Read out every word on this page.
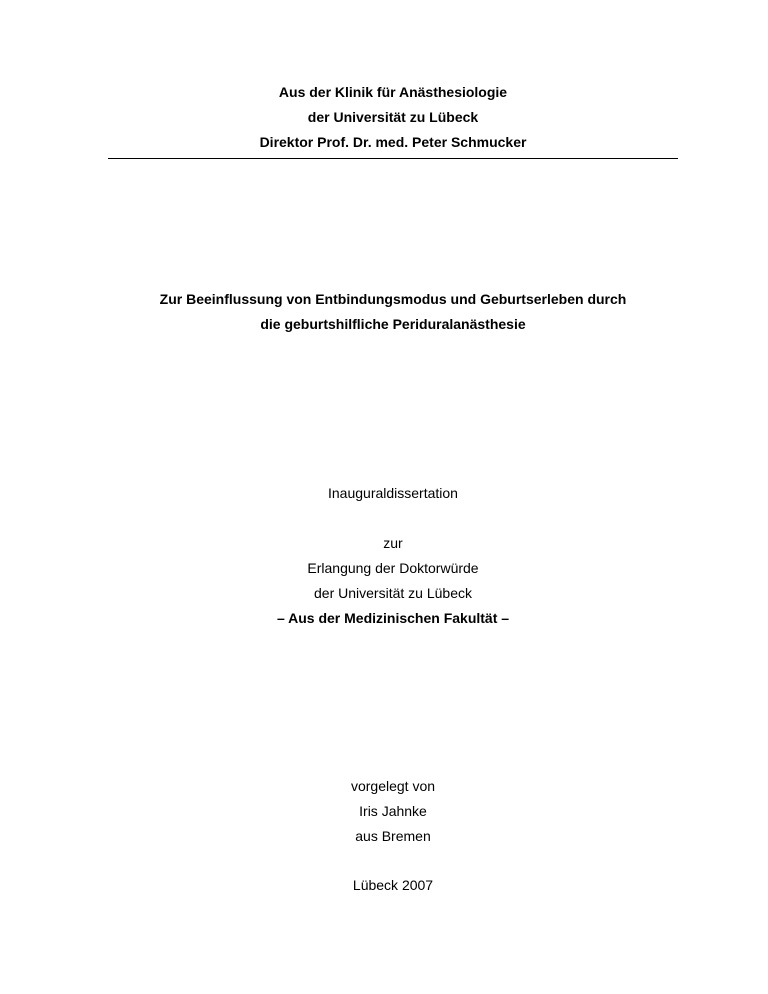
Aus der Klinik für Anästhesiologie
der Universität zu Lübeck
Direktor Prof. Dr. med. Peter Schmucker
Zur Beeinflussung von Entbindungsmodus und Geburtserleben durch
die geburtshilfliche Periduralanästhesie
Inauguraldissertation
zur
Erlangung der Doktorwürde
der Universität zu Lübeck
– Aus der Medizinischen Fakultät –
vorgelegt von
Iris Jahnke
aus Bremen
Lübeck 2007
